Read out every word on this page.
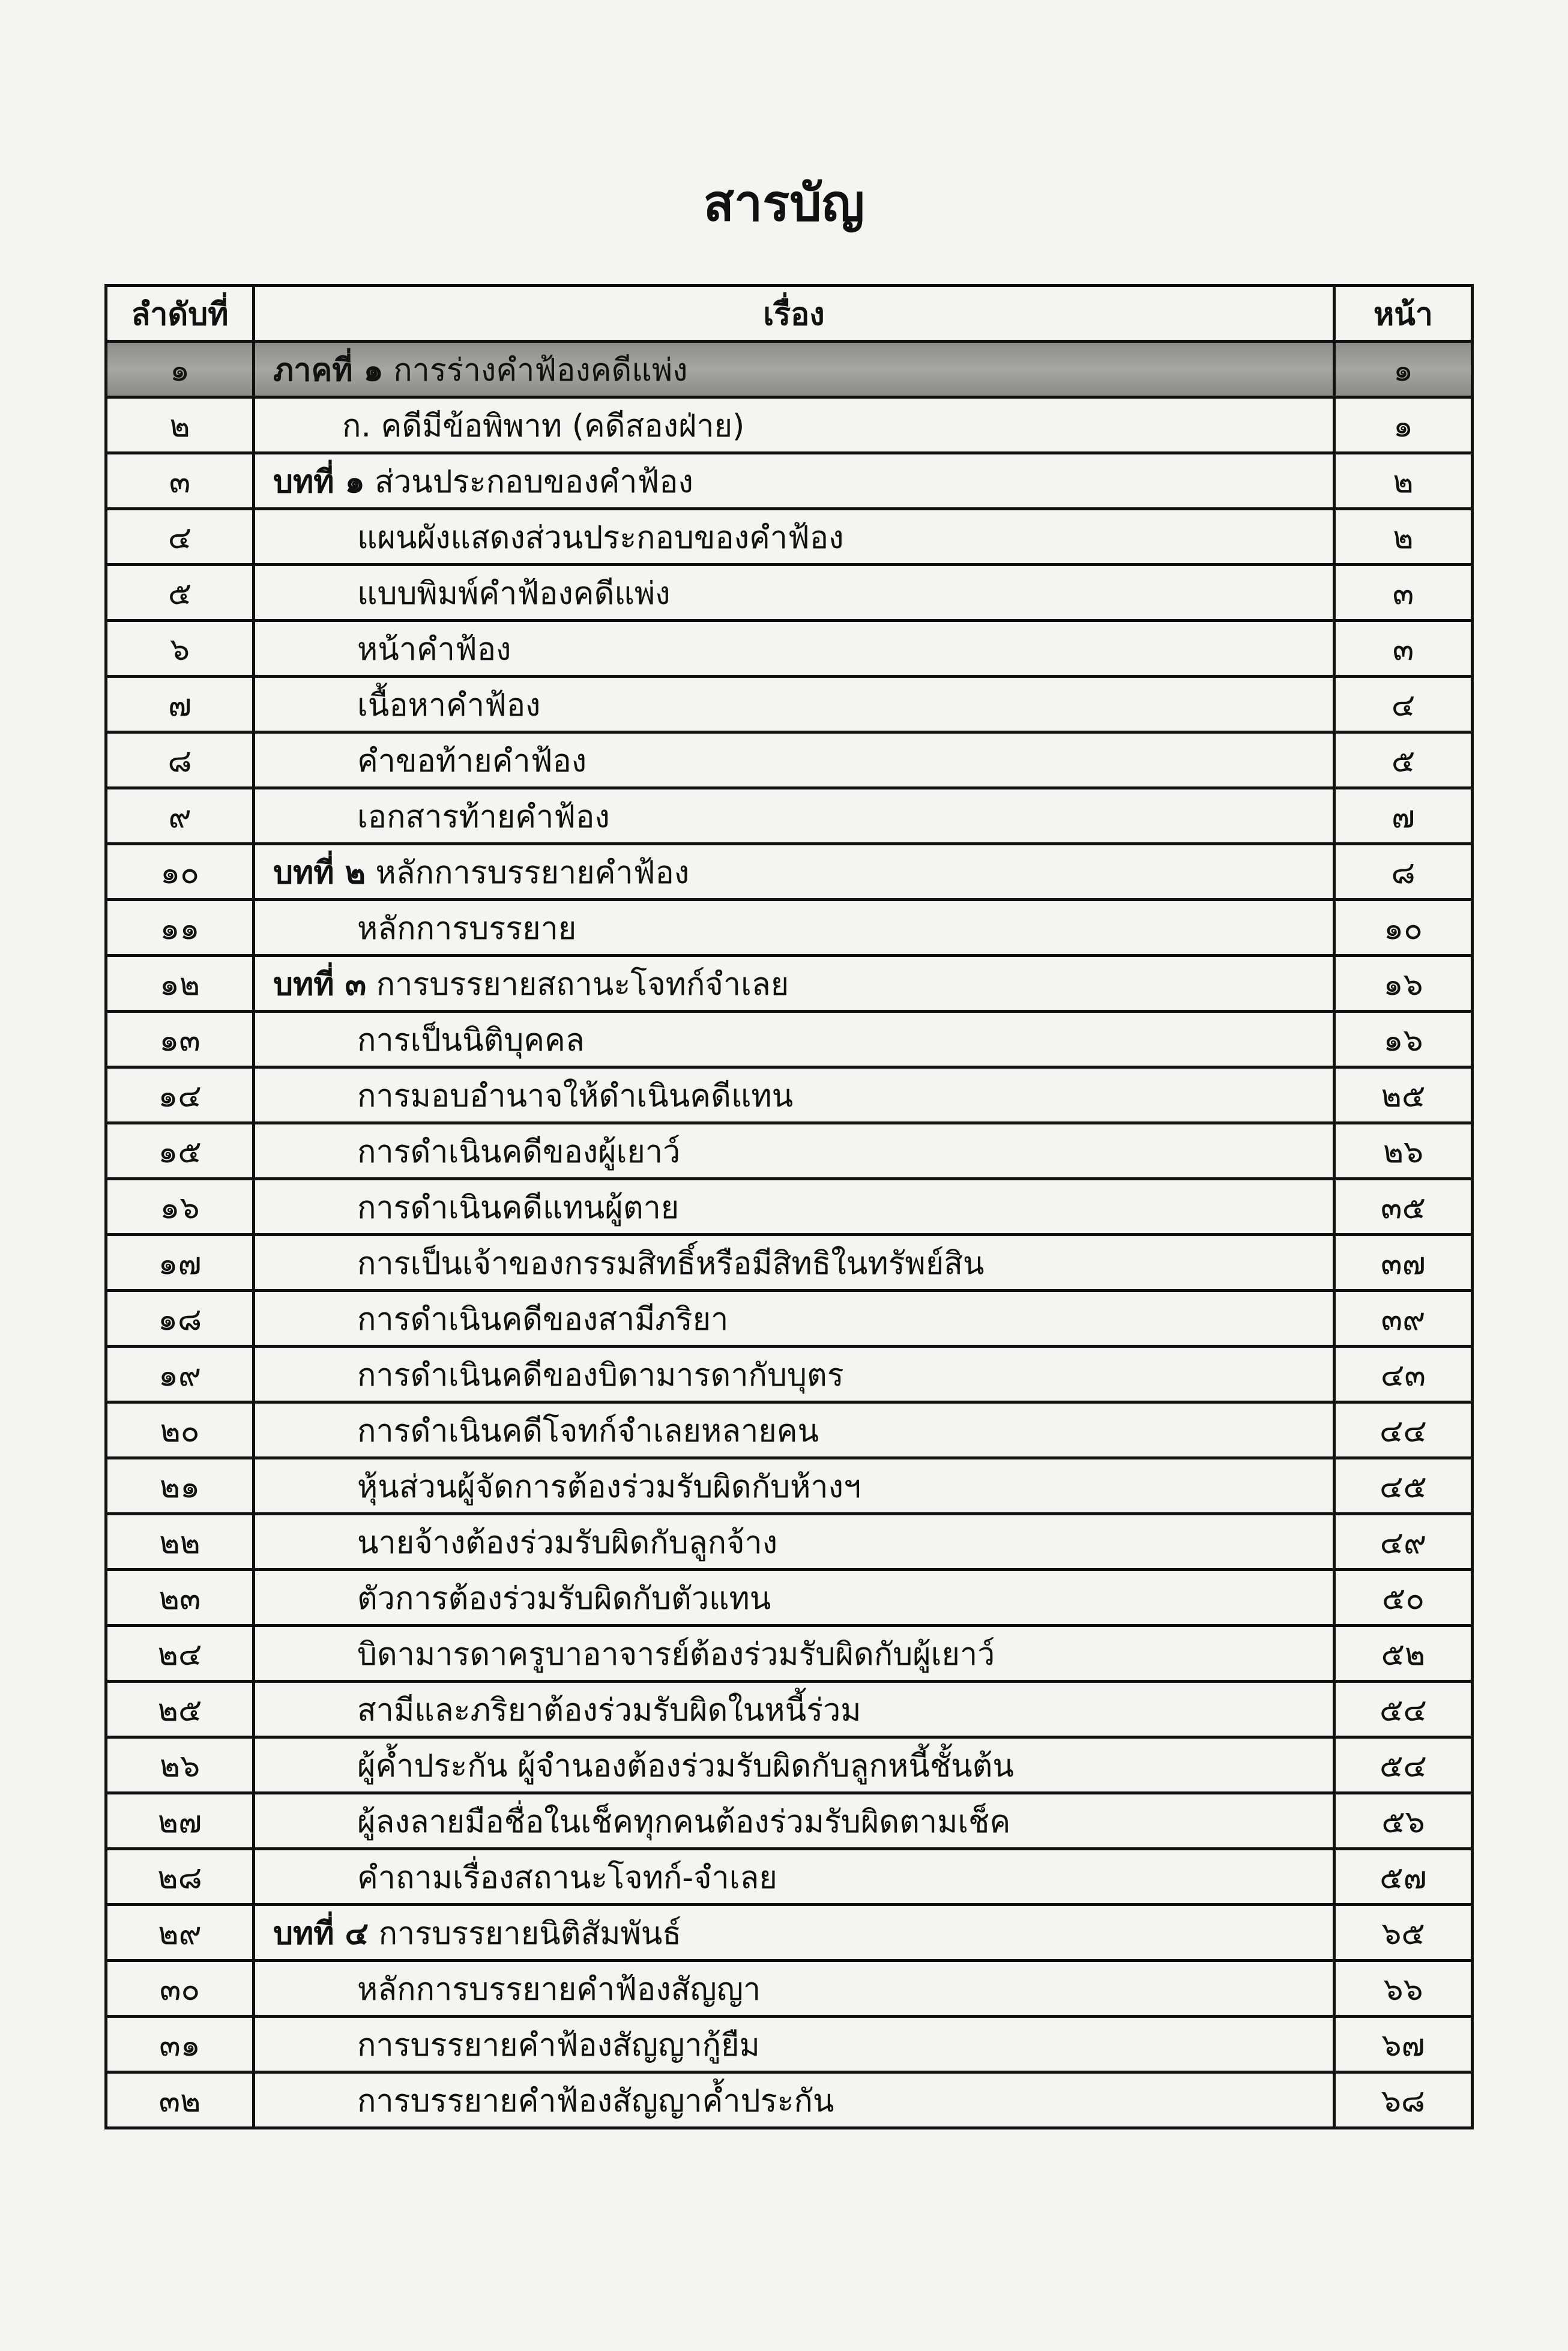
สารบัญ
ลำดับที่	เรื่อง	หน้า
๑	ภาคที่ ๑ การร่างคำฟ้องคดีแพ่ง	๑
๒	ก. คดีมีข้อพิพาท (คดีสองฝ่าย)	๑
๓	บทที่ ๑ ส่วนประกอบของคำฟ้อง	๒
๔	แผนผังแสดงส่วนประกอบของคำฟ้อง	๒
๕	แบบพิมพ์คำฟ้องคดีแพ่ง	๓
๖	หน้าคำฟ้อง	๓
๗	เนื้อหาคำฟ้อง	๔
๘	คำขอท้ายคำฟ้อง	๕
๙	เอกสารท้ายคำฟ้อง	๗
๑๐	บทที่ ๒ หลักการบรรยายคำฟ้อง	๘
๑๑	หลักการบรรยาย	๑๐
๑๒	บทที่ ๓ การบรรยายสถานะโจทก์จำเลย	๑๖
๑๓	การเป็นนิติบุคคล	๑๖
๑๔	การมอบอำนาจให้ดำเนินคดีแทน	๒๕
๑๕	การดำเนินคดีของผู้เยาว์	๒๖
๑๖	การดำเนินคดีแทนผู้ตาย	๓๕
๑๗	การเป็นเจ้าของกรรมสิทธิ์หรือมีสิทธิในทรัพย์สิน	๓๗
๑๘	การดำเนินคดีของสามีภริยา	๓๙
๑๙	การดำเนินคดีของบิดามารดากับบุตร	๔๓
๒๐	การดำเนินคดีโจทก์จำเลยหลายคน	๔๔
๒๑	หุ้นส่วนผู้จัดการต้องร่วมรับผิดกับห้างฯ	๔๕
๒๒	นายจ้างต้องร่วมรับผิดกับลูกจ้าง	๔๙
๒๓	ตัวการต้องร่วมรับผิดกับตัวแทน	๕๐
๒๔	บิดามารดาครูบาอาจารย์ต้องร่วมรับผิดกับผู้เยาว์	๕๒
๒๕	สามีและภริยาต้องร่วมรับผิดในหนี้ร่วม	๕๔
๒๖	ผู้ค้ำประกัน ผู้จำนองต้องร่วมรับผิดกับลูกหนี้ชั้นต้น	๕๔
๒๗	ผู้ลงลายมือชื่อในเช็คทุกคนต้องร่วมรับผิดตามเช็ค	๕๖
๒๘	คำถามเรื่องสถานะโจทก์-จำเลย	๕๗
๒๙	บทที่ ๔ การบรรยายนิติสัมพันธ์	๖๕
๓๐	หลักการบรรยายคำฟ้องสัญญา	๖๖
๓๑	การบรรยายคำฟ้องสัญญากู้ยืม	๖๗
๓๒	การบรรยายคำฟ้องสัญญาค้ำประกัน	๖๘
